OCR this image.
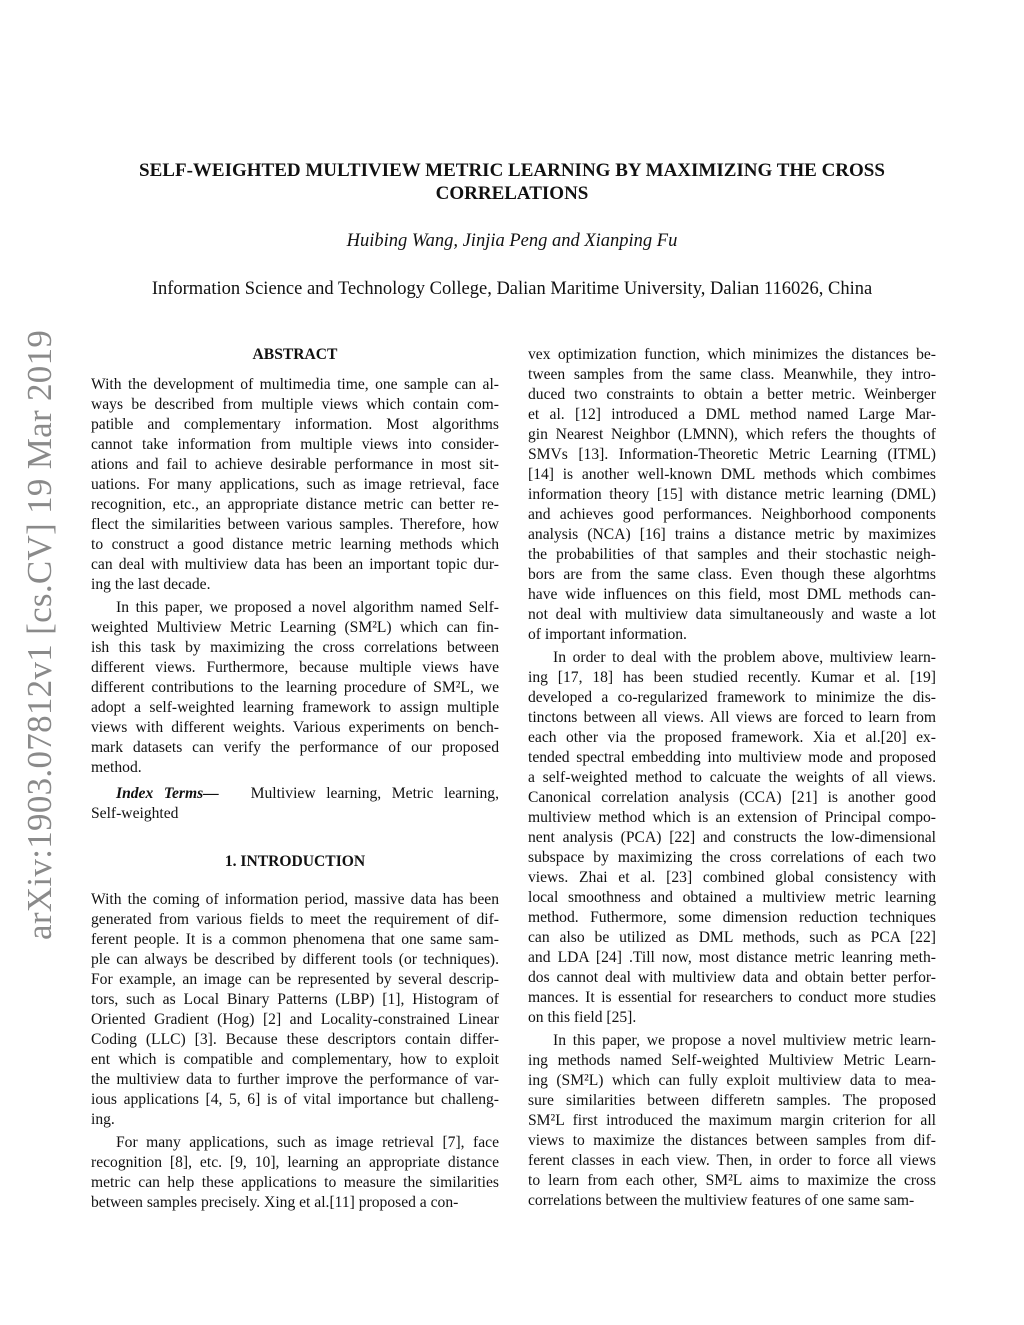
arXiv:1903.07812v1 [cs.CV] 19 Mar 2019
SELF-WEIGHTED MULTIVIEW METRIC LEARNING BY MAXIMIZING THE CROSS
CORRELATIONS
Huibing Wang, Jinjia Peng and Xianping Fu
Information Science and Technology College, Dalian Maritime University, Dalian 116026, China
ABSTRACT
With the development of multimedia time, one sample can al-
ways be described from multiple views which contain com-
patible and complementary information. Most algorithms
cannot take information from multiple views into consider-
ations and fail to achieve desirable performance in most sit-
uations. For many applications, such as image retrieval, face
recognition, etc., an appropriate distance metric can better re-
flect the similarities between various samples. Therefore, how
to construct a good distance metric learning methods which
can deal with multiview data has been an important topic dur-
ing the last decade.
In this paper, we proposed a novel algorithm named Self-
weighted Multiview Metric Learning (SM²L) which can fin-
ish this task by maximizing the cross correlations between
different views. Furthermore, because multiple views have
different contributions to the learning procedure of SM²L, we
adopt a self-weighted learning framework to assign multiple
views with different weights. Various experiments on bench-
mark datasets can verify the performance of our proposed
method.
Index Terms— Multiview learning, Metric learning,
Self-weighted
1. INTRODUCTION
With the coming of information period, massive data has been
generated from various fields to meet the requirement of dif-
ferent people. It is a common phenomena that one same sam-
ple can always be described by different tools (or techniques).
For example, an image can be represented by several descrip-
tors, such as Local Binary Patterns (LBP) [1], Histogram of
Oriented Gradient (Hog) [2] and Locality-constrained Linear
Coding (LLC) [3]. Because these descriptors contain differ-
ent which is compatible and complementary, how to exploit
the multiview data to further improve the performance of var-
ious applications [4, 5, 6] is of vital importance but challeng-
ing.
For many applications, such as image retrieval [7], face
recognition [8], etc. [9, 10], learning an appropriate distance
metric can help these applications to measure the similarities
between samples precisely. Xing et al.[11] proposed a con-
vex optimization function, which minimizes the distances be-
tween samples from the same class. Meanwhile, they intro-
duced two constraints to obtain a better metric. Weinberger
et al. [12] introduced a DML method named Large Mar-
gin Nearest Neighbor (LMNN), which refers the thoughts of
SMVs [13]. Information-Theoretic Metric Learning (ITML)
[14] is another well-known DML methods which combimes
information theory [15] with distance metric learning (DML)
and achieves good performances. Neighborhood components
analysis (NCA) [16] trains a distance metric by maximizes
the probabilities of that samples and their stochastic neigh-
bors are from the same class. Even though these algorhtms
have wide influences on this field, most DML methods can-
not deal with multiview data simultaneously and waste a lot
of important information.
In order to deal with the problem above, multiview learn-
ing [17, 18] has been studied recently. Kumar et al. [19]
developed a co-regularized framework to minimize the dis-
tinctons between all views. All views are forced to learn from
each other via the proposed framework. Xia et al.[20] ex-
tended spectral embedding into multiview mode and proposed
a self-weighted method to calcuate the weights of all views.
Canonical correlation analysis (CCA) [21] is another good
multiview method which is an extension of Principal compo-
nent analysis (PCA) [22] and constructs the low-dimensional
subspace by maximizing the cross correlations of each two
views. Zhai et al. [23] combined global consistency with
local smoothness and obtained a multiview metric learning
method. Futhermore, some dimension reduction techniques
can also be utilized as DML methods, such as PCA [22]
and LDA [24] .Till now, most distance metric leanring meth-
dos cannot deal with multiview data and obtain better perfor-
mances. It is essential for researchers to conduct more studies
on this field [25].
In this paper, we propose a novel multiview metric learn-
ing methods named Self-weighted Multiview Metric Learn-
ing (SM²L) which can fully exploit multiview data to mea-
sure similarities between differetn samples. The proposed
SM²L first introduced the maximum margin criterion for all
views to maximize the distances between samples from dif-
ferent classes in each view. Then, in order to force all views
to learn from each other, SM²L aims to maximize the cross
correlations between the multiview features of one same sam-
